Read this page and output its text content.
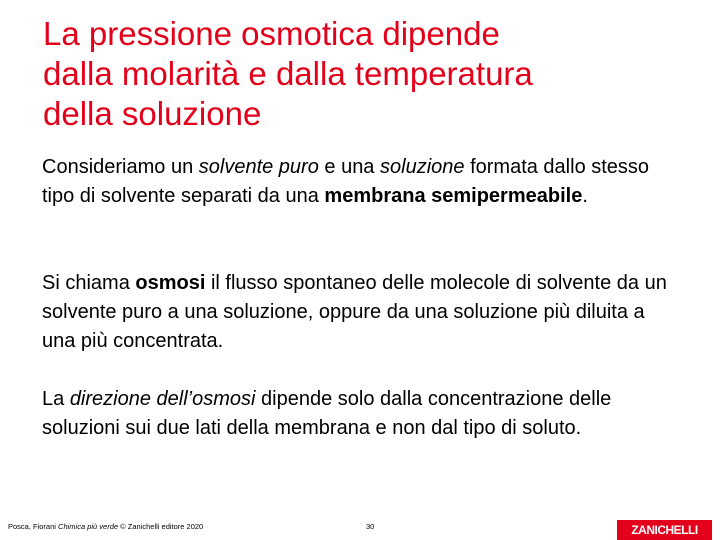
La pressione osmotica dipende
dalla molarità e dalla temperatura
della soluzione
Consideriamo un solvente puro e una soluzione formata dallo stesso tipo di solvente separati da una membrana semipermeabile.
Si chiama osmosi il flusso spontaneo delle molecole di solvente da un solvente puro a una soluzione, oppure da una soluzione più diluita a una più concentrata.
La direzione dell’osmosi dipende solo dalla concentrazione delle soluzioni sui due lati della membrana e non dal tipo di soluto.
Posca, Fiorani Chimica più verde © Zanichelli editore 2020	30	ZANICHELLI
